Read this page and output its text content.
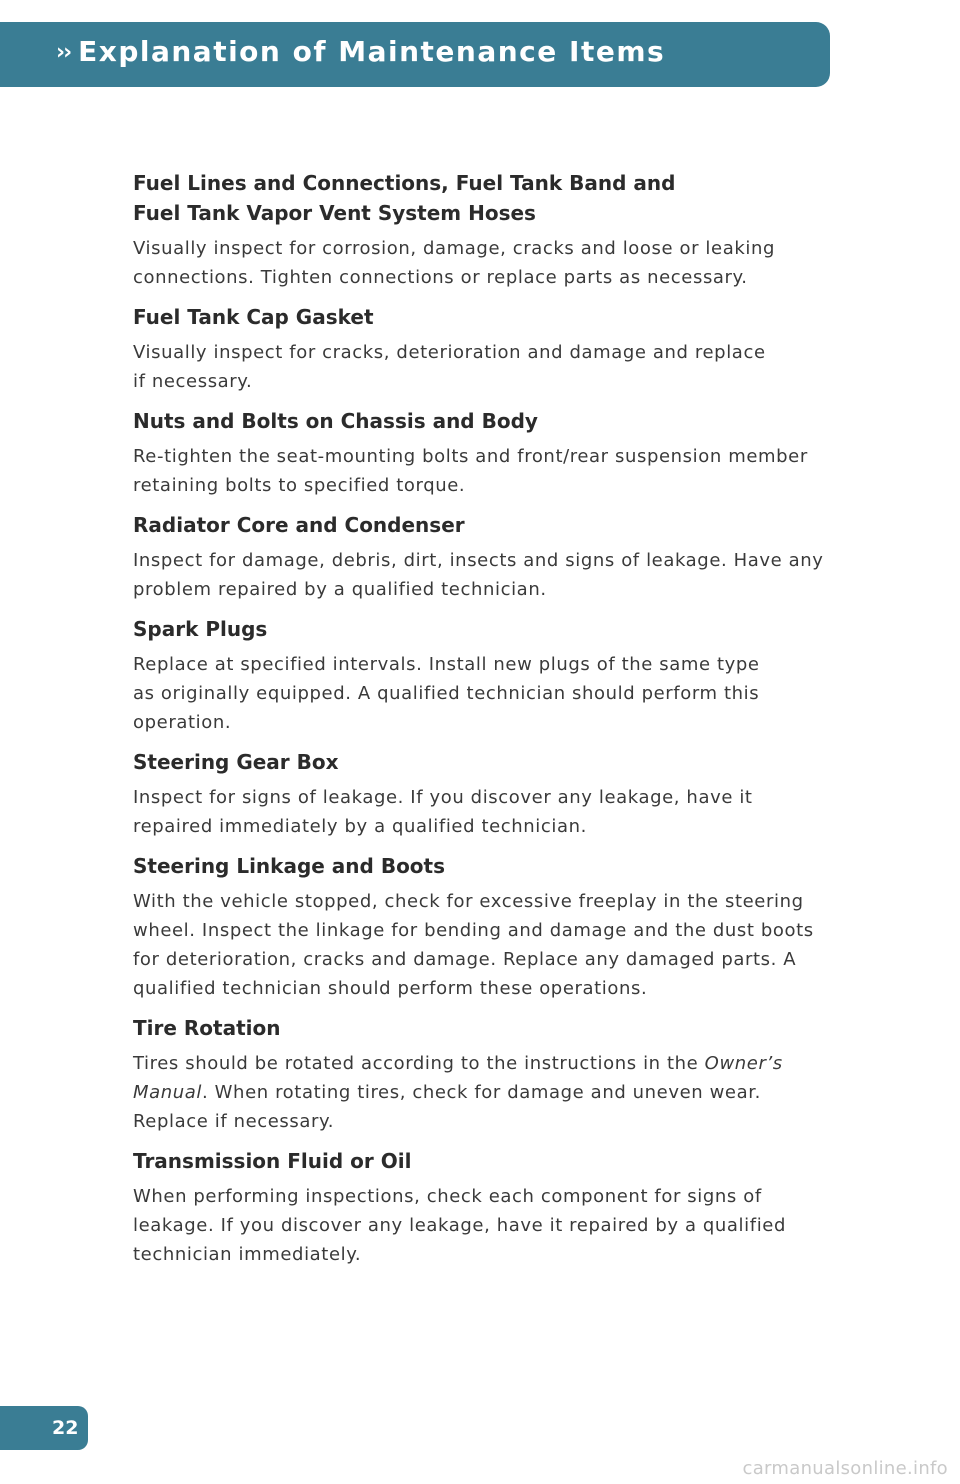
›› Explanation of Maintenance Items
Fuel Lines and Connections, Fuel Tank Band and
Fuel Tank Vapor Vent System Hoses

Visually inspect for corrosion, damage, cracks and loose or leaking
connections. Tighten connections or replace parts as necessary.

Fuel Tank Cap Gasket

Visually inspect for cracks, deterioration and damage and replace
if necessary.

Nuts and Bolts on Chassis and Body

Re-tighten the seat-mounting bolts and front/rear suspension member
retaining bolts to specified torque.

Radiator Core and Condenser

Inspect for damage, debris, dirt, insects and signs of leakage. Have any
problem repaired by a qualified technician.

Spark Plugs

Replace at specified intervals. Install new plugs of the same type
as originally equipped. A qualified technician should perform this
operation.

Steering Gear Box

Inspect for signs of leakage. If you discover any leakage, have it
repaired immediately by a qualified technician.

Steering Linkage and Boots

With the vehicle stopped, check for excessive freeplay in the steering
wheel. Inspect the linkage for bending and damage and the dust boots
for deterioration, cracks and damage. Replace any damaged parts. A
qualified technician should perform these operations.

Tire Rotation

Tires should be rotated according to the instructions in the Owner’s
Manual. When rotating tires, check for damage and uneven wear.
Replace if necessary.

Transmission Fluid or Oil

When performing inspections, check each component for signs of
leakage. If you discover any leakage, have it repaired by a qualified
technician immediately.

22
carmanualsonline.info
